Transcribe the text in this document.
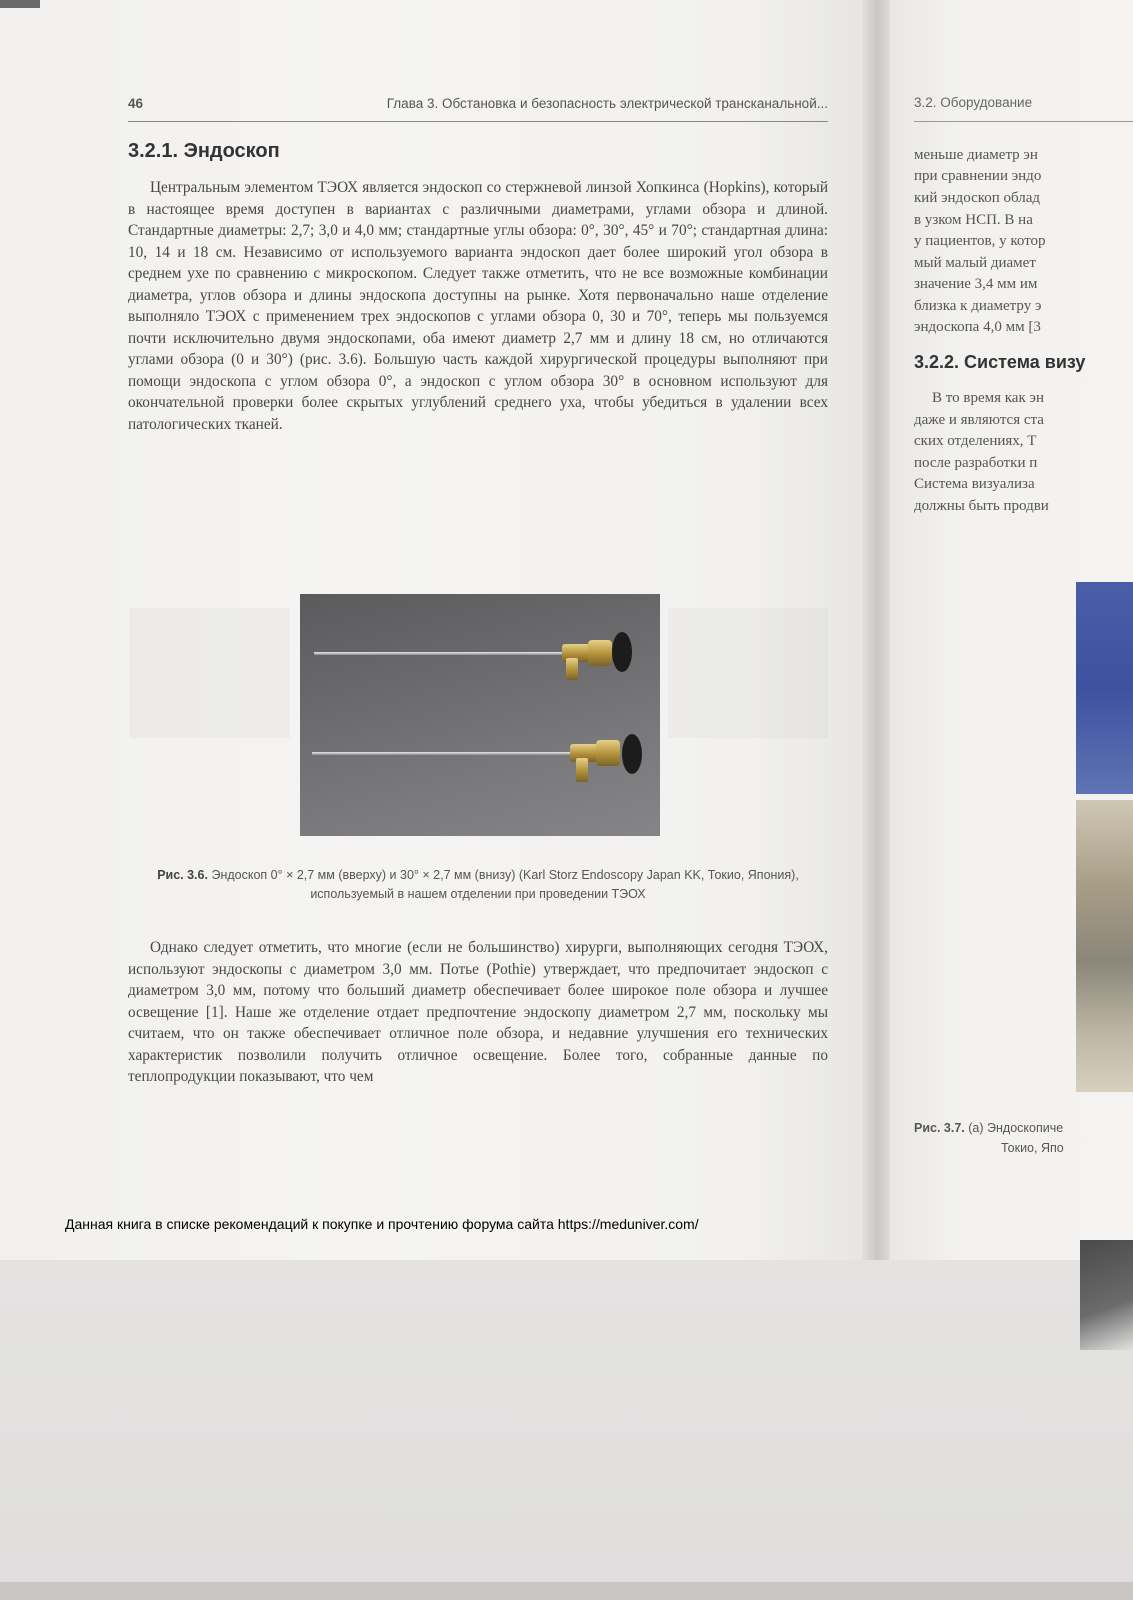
46	Глава 3. Обстановка и безопасность электрической трансканальной...
3.2.1. Эндоскоп

Центральным элементом ТЭОХ является эндоскоп со стержневой линзой Хопкинса (Hopkins), который в настоящее время доступен в вариантах с различными диаметрами, углами обзора и длиной. Стандартные диаметры: 2,7; 3,0 и 4,0 мм; стандартные углы обзора: 0°, 30°, 45° и 70°; стандартная длина: 10, 14 и 18 см. Независимо от используемого варианта эндоскоп дает более широкий угол обзора в среднем ухе по сравнению с микроскопом. Следует также отметить, что не все возможные комбинации диаметра, углов обзора и длины эндоскопа доступны на рынке. Хотя первоначально наше отделение выполняло ТЭОХ с применением трех эндоскопов с углами обзора 0, 30 и 70°, теперь мы пользуемся почти исключительно двумя эндоскопами, оба имеют диаметр 2,7 мм и длину 18 см, но отличаются углами обзора (0 и 30°) (рис. 3.6). Большую часть каждой хирургической процедуры выполняют при помощи эндоскопа с углом обзора 0°, а эндоскоп с углом обзора 30° в основном используют для окончательной проверки более скрытых углублений среднего уха, чтобы убедиться в удалении всех патологических тканей.

Рис. 3.6. Эндоскоп 0° × 2,7 мм (вверху) и 30° × 2,7 мм (внизу) (Karl Storz Endoscopy Japan KK, Токио, Япония), используемый в нашем отделении при проведении ТЭОХ

Однако следует отметить, что многие (если не большинство) хирурги, выполняющих сегодня ТЭОХ, используют эндоскопы с диаметром 3,0 мм. Потье (Pothie) утверждает, что предпочитает эндоскоп с диаметром 3,0 мм, потому что больший диаметр обеспечивает более широкое поле обзора и лучшее освещение [1]. Наше же отделение отдает предпочтение эндоскопу диаметром 2,7 мм, поскольку мы считаем, что он также обеспечивает отличное поле обзора, и недавние улучшения его технических характеристик позволили получить отличное освещение. Более того, собранные данные по теплопродукции показывают, что чем

Данная книга в списке рекомендаций к покупке и прочтению форума сайта https://meduniver.com/
3.2. Оборудование
меньше диаметр эн
при сравнении эндо
кий эндоскоп облад
в узком НСП. В на
у пациентов, у котор
мый малый диамет
значение 3,4 мм им
близка к диаметру э
эндоскопа 4,0 мм [3
3.2.2. Система визу
В то время как эн
даже и являются ста
ских отделениях, Т
после разработки п
Система визуализа
должны быть продви
Рис. 3.7. (а) Эндоскопиче
Токио, Япо
